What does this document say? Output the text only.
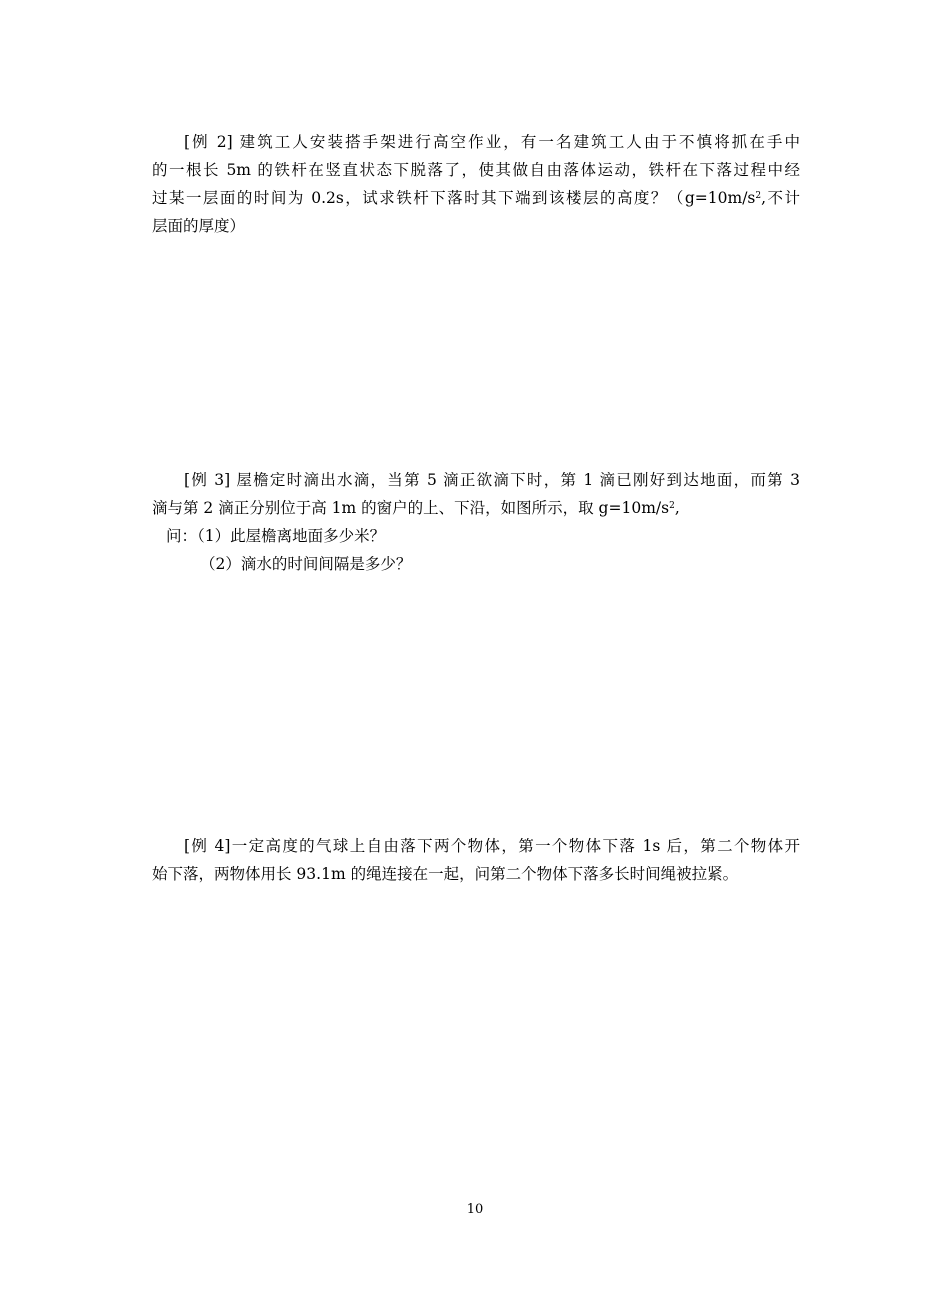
[例 2] 建筑工人安装搭手架进行高空作业，有一名建筑工人由于不慎将抓在手中
的一根长 5m 的铁杆在竖直状态下脱落了，使其做自由落体运动，铁杆在下落过程中经
过某一层面的时间为 0.2s，试求铁杆下落时其下端到该楼层的高度？（$g=10m/s^2$,不计
层面的厚度）
[例 3] 屋檐定时滴出水滴，当第 5 滴正欲滴下时，第 1 滴已刚好到达地面，而第 3
滴与第 2 滴正分别位于高 1m 的窗户的上、下沿，如图所示，取 $g=10m/s^2$,
问：（1）此屋檐离地面多少米？
（2）滴水的时间间隔是多少？
[例 4]一定高度的气球上自由落下两个物体，第一个物体下落 1s 后，第二个物体开
始下落，两物体用长 93.1m 的绳连接在一起，问第二个物体下落多长时间绳被拉紧。
10
